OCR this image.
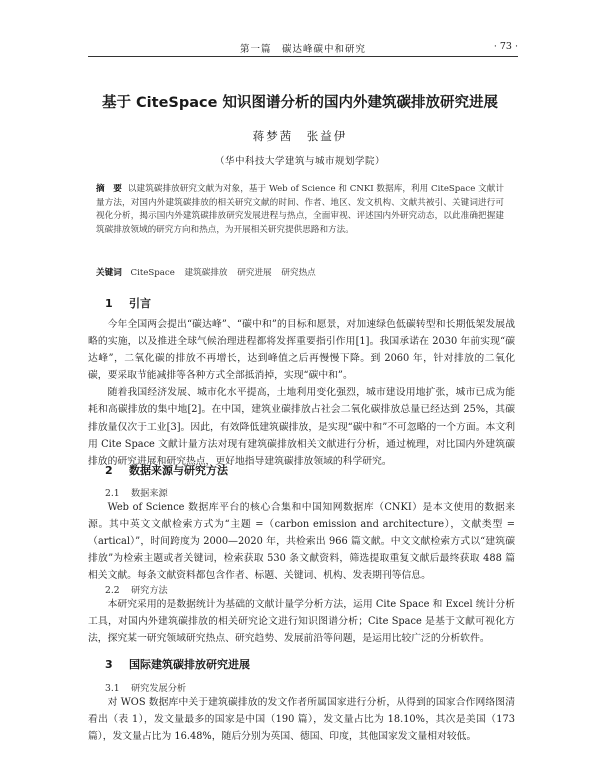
第一篇　碳达峰碳中和研究	· 73 ·
基于 CiteSpace 知识图谱分析的国内外建筑碳排放研究进展
蒋梦茜　张益伊
（华中科技大学建筑与城市规划学院）
摘　要 以建筑碳排放研究文献为对象，基于 Web of Science 和 CNKI 数据库，利用 CiteSpace 文献计量方法，对国内外建筑碳排放的相关研究文献的时间、作者、地区、发文机构、文献共被引、关键词进行可视化分析，揭示国内外建筑碳排放研究发展进程与热点，全面审视、评述国内外研究动态，以此准确把握建筑碳排放领域的研究方向和热点，为开展相关研究提供思路和方法。
关键词 CiteSpace 建筑碳排放 研究进展 研究热点
1 引言

今年全国两会提出“碳达峰”、“碳中和”的目标和愿景，对加速绿色低碳转型和长期低架发展战略的实施，以及推进全球气候治理进程都将发挥重要指引作用[1]。我国承诺在 2030 年前实现“碳达峰”，二氧化碳的排放不再增长，达到峰值之后再慢慢下降。到 2060 年，针对排放的二氧化碳，要采取节能减排等各种方式全部抵消掉，实现“碳中和”。

随着我国经济发展、城市化水平提高，土地利用变化强烈，城市建设用地扩张，城市已成为能耗和高碳排放的集中地[2]。在中国，建筑业碳排放占社会二氧化碳排放总量已经达到 25%，其碳排放量仅次于工业[3]。因此，有效降低建筑碳排放，是实现“碳中和”不可忽略的一个方面。本文利用 Cite Space 文献计量方法对现有建筑碳排放相关文献进行分析，通过梳理，对比国内外建筑碳排放的研究进展和研究热点，更好地指导建筑碳排放领域的科学研究。

2 数据来源与研究方法
2.1 数据来源

Web of Science 数据库平台的核心合集和中国知网数据库（CNKI）是本文使用的数据来源。其中英文文献检索方式为“主题 =（carbon emission and architecture），文献类型 =（artical）”，时间跨度为 2000—2020 年，共检索出 966 篇文献。中文文献检索方式以“建筑碳排放”为检索主题或者关键词，检索获取 530 条文献资料，筛选提取重复文献后最终获取 488 篇相关文献。每条文献资料都包含作者、标题、关键词、机构、发表期刊等信息。

2.2 研究方法

本研究采用的是数据统计为基础的文献计量学分析方法，运用 Cite Space 和 Excel 统计分析工具，对国内外建筑碳排放的相关研究论文进行知识图谱分析；Cite Space 是基于文献可视化方法，探究某一研究领域研究热点、研究趋势、发展前沿等问题，是运用比较广泛的分析软件。

3 国际建筑碳排放研究进展
3.1 研究发展分析

对 WOS 数据库中关于建筑碳排放的发文作者所属国家进行分析，从得到的国家合作网络图清看出（表 1），发文量最多的国家是中国（190 篇），发文量占比为 18.10%，其次是美国（173 篇），发文量占比为 16.48%，随后分别为英国、德国、印度，其他国家发文量相对较低。
